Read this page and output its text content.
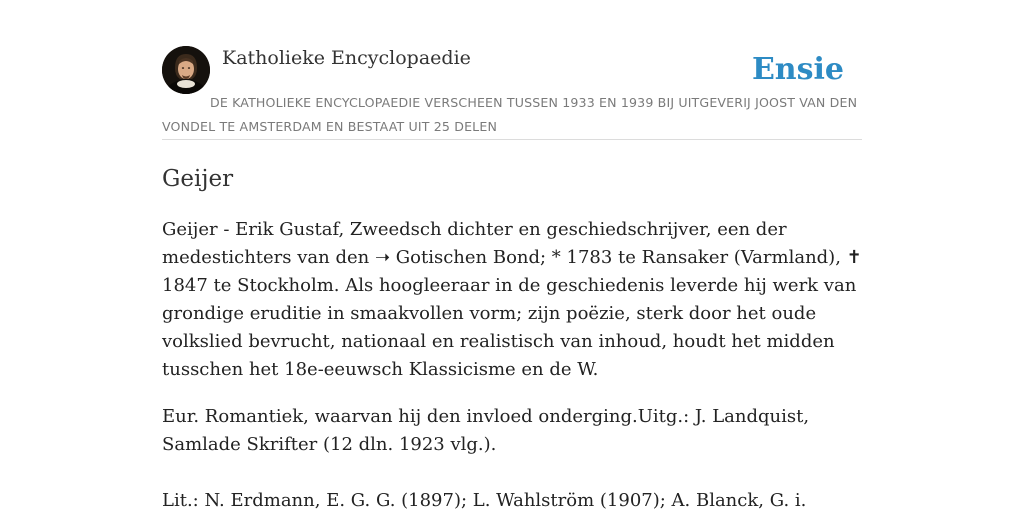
Katholieke Encyclopaedie	Ensie
DE KATHOLIEKE ENCYCLOPAEDIE VERSCHEEN TUSSEN 1933 EN 1939 BIJ UITGEVERIJ JOOST VAN DEN VONDEL TE AMSTERDAM EN BESTAAT UIT 25 DELEN
Geijer

Geijer - Erik Gustaf, Zweedsch dichter en geschiedschrijver, een der medestichters van den ➝ Gotischen Bond; * 1783 te Ransaker (Varmland), ✝ 1847 te Stockholm. Als hoogleeraar in de geschiedenis leverde hij werk van grondige eruditie in smaakvollen vorm; zijn poëzie, sterk door het oude volkslied bevrucht, nationaal en realistisch van inhoud, houdt het midden tusschen het 18e-eeuwsch Klassicisme en de W.

Eur. Romantiek, waarvan hij den invloed onderging.Uitg.: J. Landquist, Samlade Skrifter (12 dln. 1923 vlg.).

Lit.: N. Erdmann, E. G. G. (1897); L. Wahlström (1907); A. Blanck, G. i.
